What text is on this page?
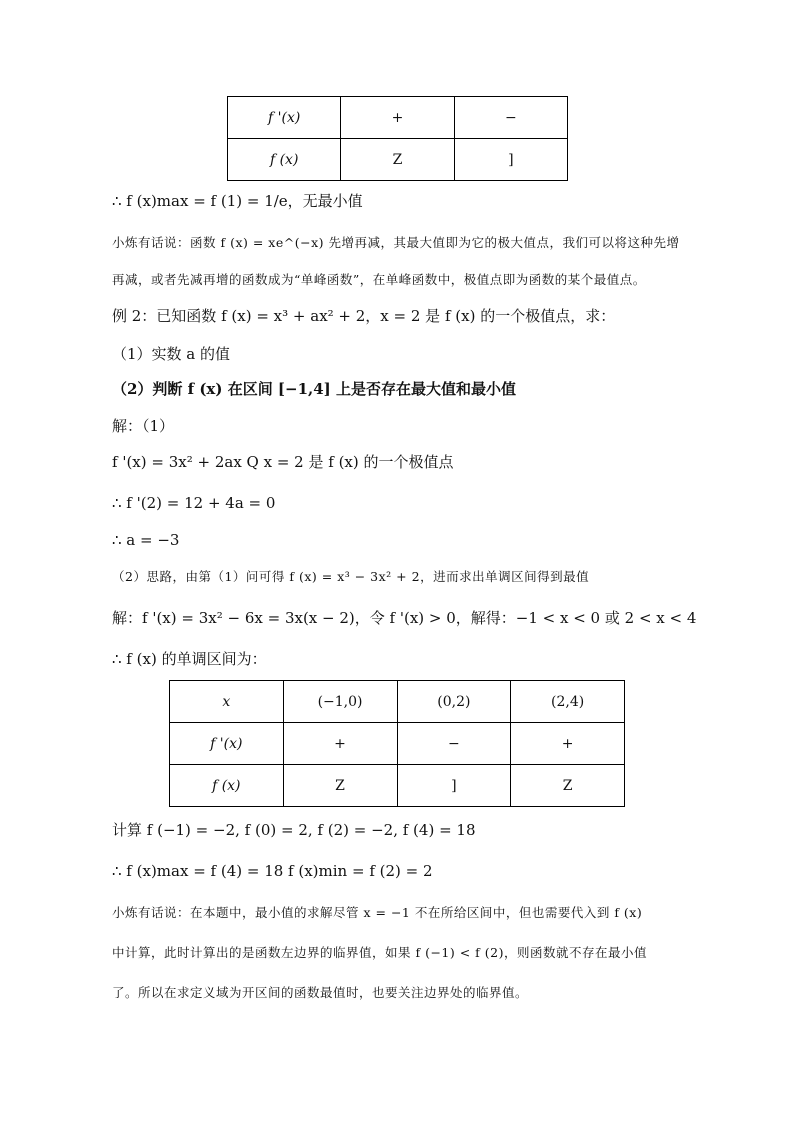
f '(x)	+	−
f (x)	Z	]
∴ f (x)max = f (1) = 1/e，无最小值
小炼有话说：函数 f (x) = xe^(−x) 先增再减，其最大值即为它的极大值点，我们可以将这种先增
再减，或者先减再增的函数成为“单峰函数”，在单峰函数中，极值点即为函数的某个最值点。
例 2：已知函数 f (x) = x³ + ax² + 2，x = 2 是 f (x) 的一个极值点，求：
（1）实数 a 的值
（2）判断 f (x) 在区间 [−1,4] 上是否存在最大值和最小值
解：（1）
f '(x) = 3x² + 2ax Q x = 2 是 f (x) 的一个极值点
∴ f '(2) = 12 + 4a = 0
∴ a = −3
（2）思路，由第（1）问可得 f (x) = x³ − 3x² + 2，进而求出单调区间得到最值
解：f '(x) = 3x² − 6x = 3x(x − 2)，令 f '(x) > 0，解得：−1 < x < 0 或 2 < x < 4
∴ f (x) 的单调区间为：
x	(−1,0)	(0,2)	(2,4)
f '(x)	+	−	+
f (x)	Z	]	Z
计算 f (−1) = −2, f (0) = 2, f (2) = −2, f (4) = 18
∴ f (x)max = f (4) = 18 f (x)min = f (2) = 2
小炼有话说：在本题中，最小值的求解尽管 x = −1 不在所给区间中，但也需要代入到 f (x)
中计算，此时计算出的是函数左边界的临界值，如果 f (−1) < f (2)，则函数就不存在最小值
了。所以在求定义域为开区间的函数最值时，也要关注边界处的临界值。
